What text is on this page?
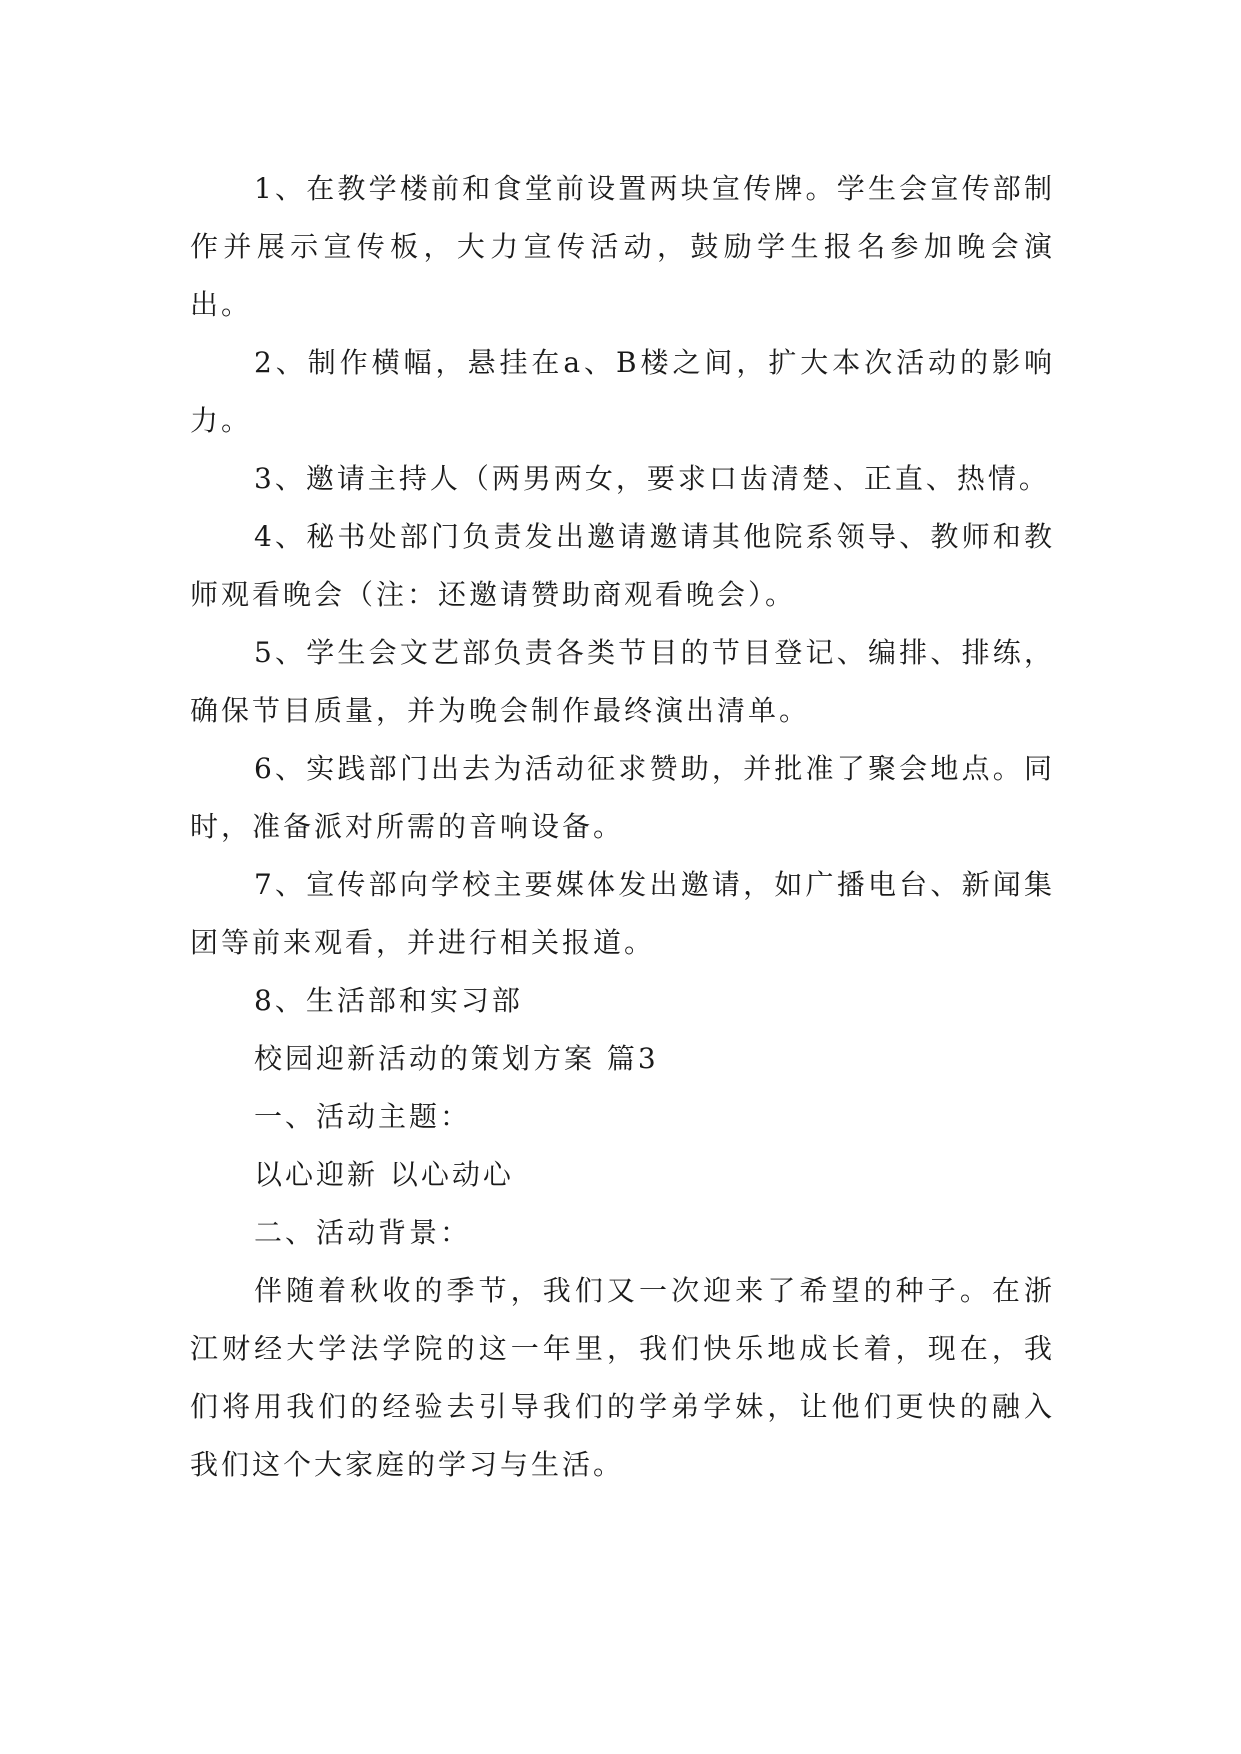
1、在教学楼前和食堂前设置两块宣传牌。学生会宣传部制作并展示宣传板，大力宣传活动，鼓励学生报名参加晚会演出。

2、制作横幅，悬挂在a、B楼之间，扩大本次活动的影响力。

3、邀请主持人（两男两女，要求口齿清楚、正直、热情。

4、秘书处部门负责发出邀请邀请其他院系领导、教师和教师观看晚会（注：还邀请赞助商观看晚会）。

5、学生会文艺部负责各类节目的节目登记、编排、排练，确保节目质量，并为晚会制作最终演出清单。

6、实践部门出去为活动征求赞助，并批准了聚会地点。同时，准备派对所需的音响设备。

7、宣传部向学校主要媒体发出邀请，如广播电台、新闻集团等前来观看，并进行相关报道。

8、生活部和实习部

校园迎新活动的策划方案 篇3

一、活动主题：

以心迎新 以心动心

二、活动背景：

伴随着秋收的季节，我们又一次迎来了希望的种子。在浙江财经大学法学院的这一年里，我们快乐地成长着，现在，我们将用我们的经验去引导我们的学弟学妹，让他们更快的融入我们这个大家庭的学习与生活。
